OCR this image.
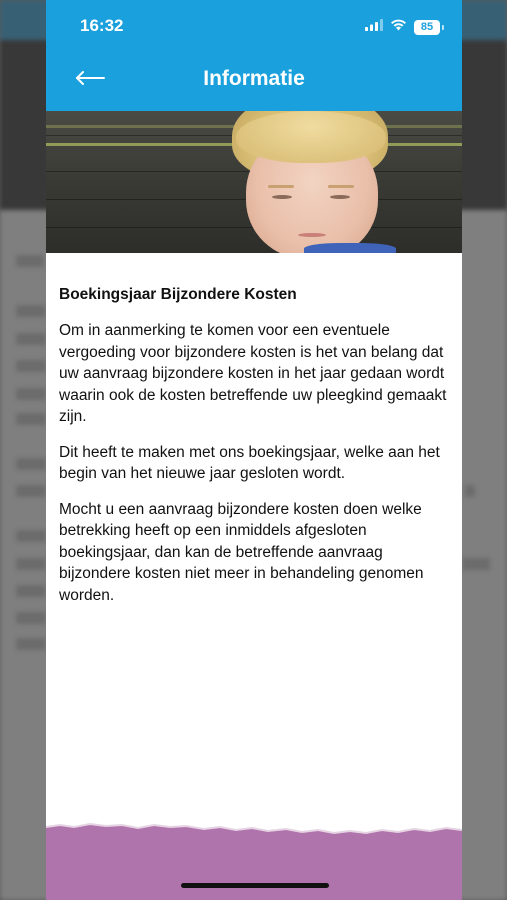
16:32	85
Informatie
Boekingsjaar Bijzondere Kosten

Om in aanmerking te komen voor een eventuele vergoeding voor bijzondere kosten is het van belang dat uw aanvraag bijzondere kosten in het jaar gedaan wordt waarin ook de kosten betreffende uw pleegkind gemaakt zijn.

Dit heeft te maken met ons boekingsjaar, welke aan het begin van het nieuwe jaar gesloten wordt.

Mocht u een aanvraag bijzondere kosten doen welke betrekking heeft op een inmiddels afgesloten boekingsjaar, dan kan de betreffende aanvraag bijzondere kosten niet meer in behandeling genomen worden.
